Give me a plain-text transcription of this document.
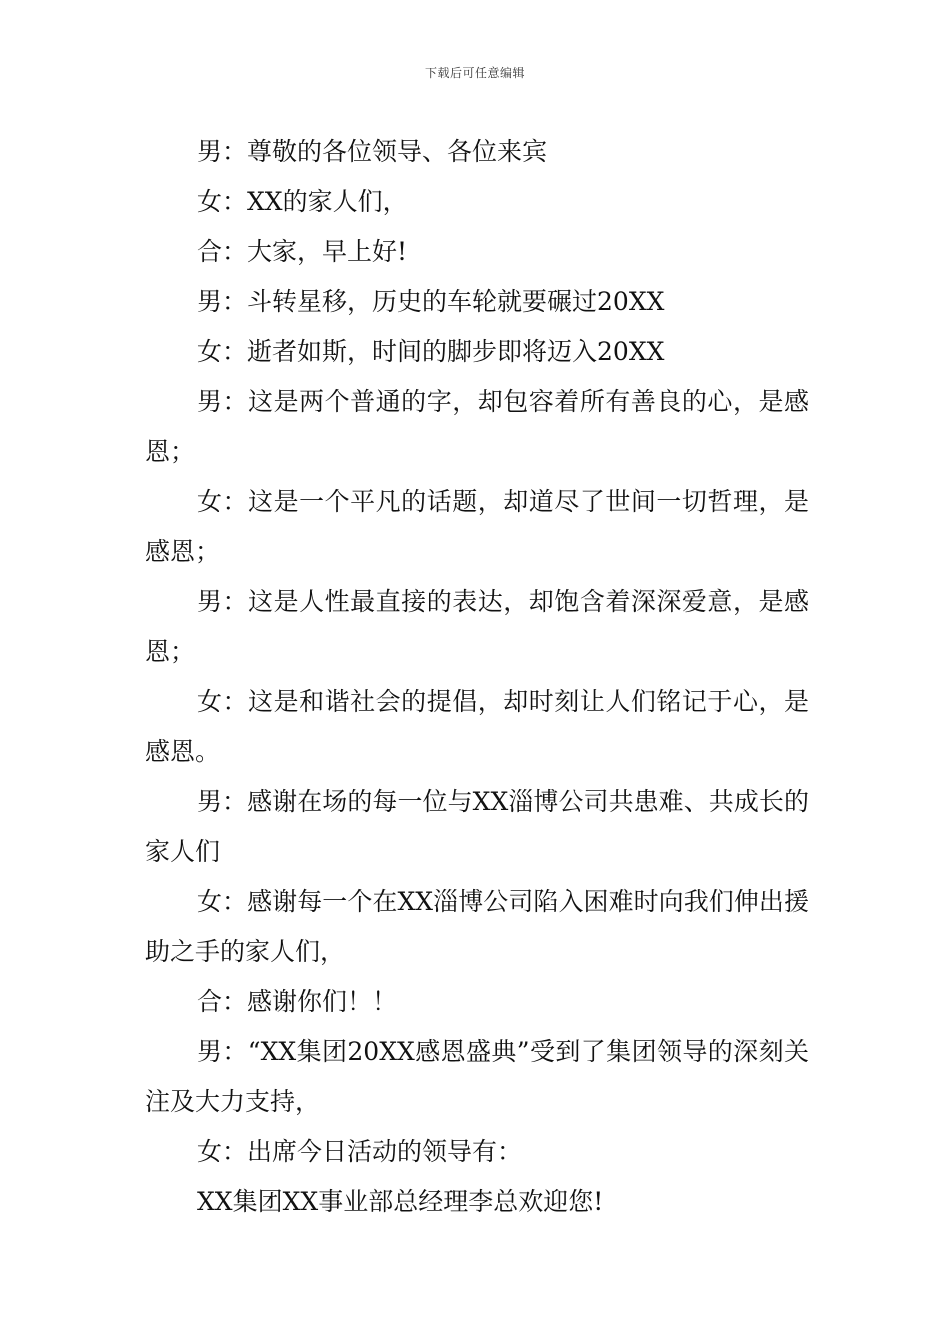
下载后可任意编辑

男：尊敬的各位领导、各位来宾

女：XX的家人们，

合：大家，早上好!

男：斗转星移，历史的车轮就要碾过20XX

女：逝者如斯，时间的脚步即将迈入20XX

男：这是两个普通的字，却包容着所有善良的心，是感恩；

女：这是一个平凡的话题，却道尽了世间一切哲理，是感恩；

男：这是人性最直接的表达，却饱含着深深爱意，是感恩；

女：这是和谐社会的提倡，却时刻让人们铭记于心，是感恩。

男：感谢在场的每一位与XX淄博公司共患难、共成长的家人们

女：感谢每一个在XX淄博公司陷入困难时向我们伸出援助之手的家人们，

合：感谢你们！！

男：“XX集团20XX感恩盛典”受到了集团领导的深刻关注及大力支持，

女：出席今日活动的领导有：

XX集团XX事业部总经理李总欢迎您!
